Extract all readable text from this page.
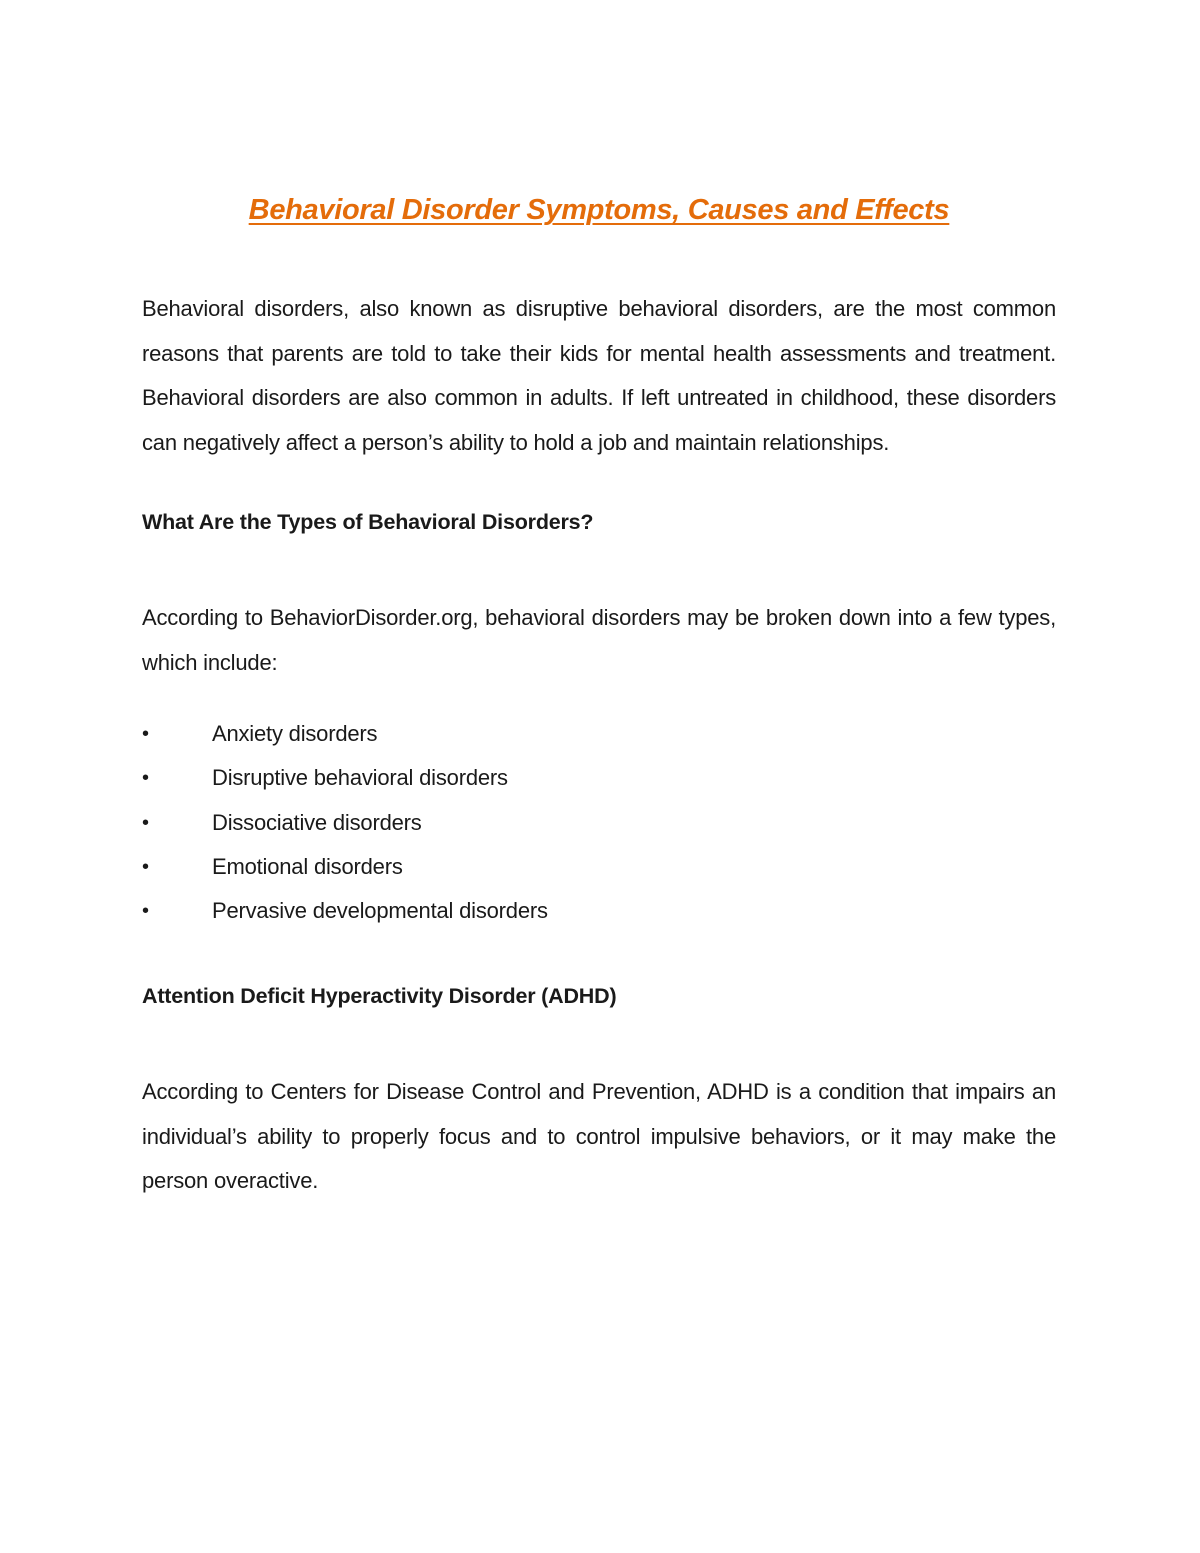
Behavioral Disorder Symptoms, Causes and Effects

Behavioral disorders, also known as disruptive behavioral disorders, are the most common reasons that parents are told to take their kids for mental health assessments and treatment. Behavioral disorders are also common in adults. If left untreated in childhood, these disorders can negatively affect a person’s ability to hold a job and maintain relationships.

What Are the Types of Behavioral Disorders?

According to BehaviorDisorder.org, behavioral disorders may be broken down into a few types, which include:

•	Anxiety disorders
•	Disruptive behavioral disorders
•	Dissociative disorders
•	Emotional disorders
•	Pervasive developmental disorders
Attention Deficit Hyperactivity Disorder (ADHD)

According to Centers for Disease Control and Prevention, ADHD is a condition that impairs an individual’s ability to properly focus and to control impulsive behaviors, or it may make the person overactive.
